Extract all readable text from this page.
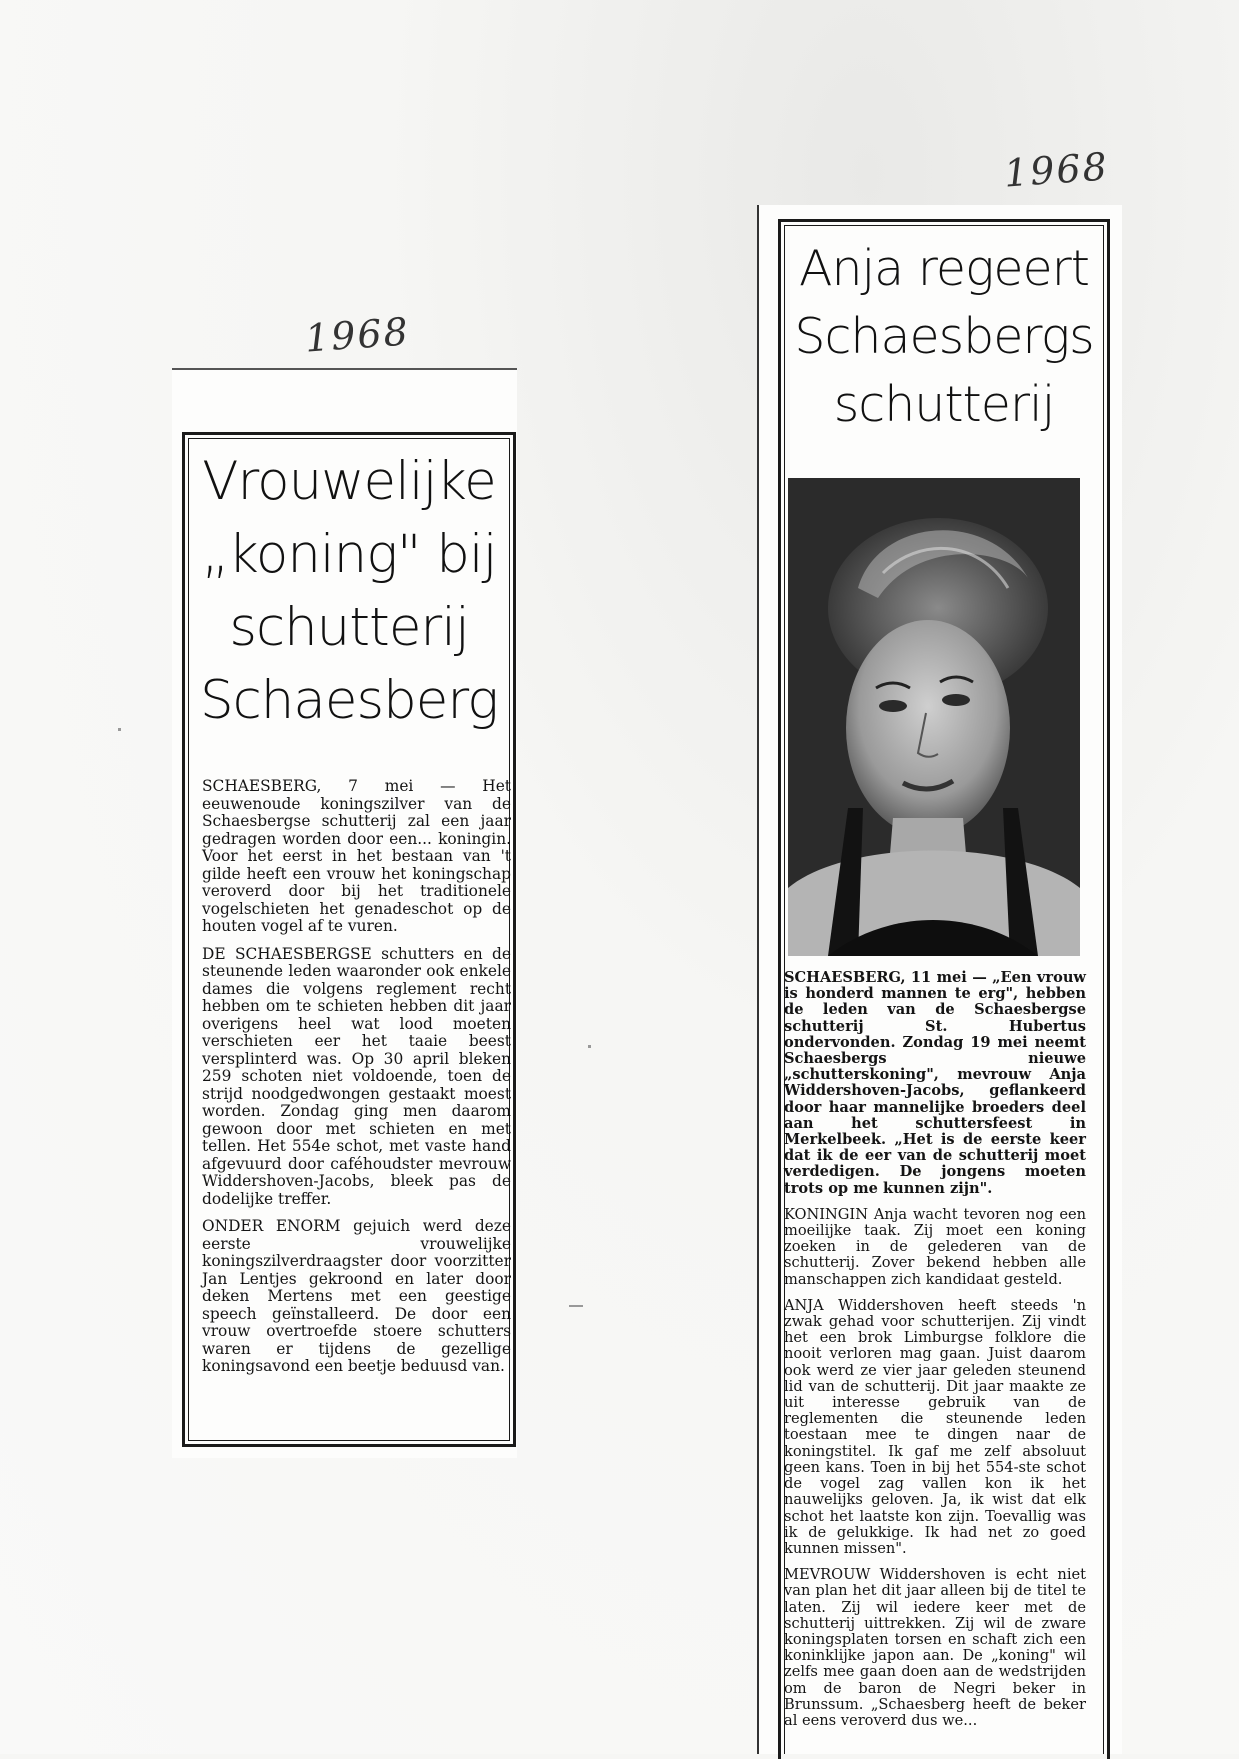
1968
1968
Vrouwelijke
„koning" bij
schutterij
Schaesberg

SCHAESBERG, 7 mei — Het eeuwenoude koningszilver van de Schaesbergse schutterij zal een jaar gedragen worden door een... koningin. Voor het eerst in het bestaan van 't gilde heeft een vrouw het koningschap veroverd door bij het traditionele vogelschieten het genadeschot op de houten vogel af te vuren.

DE SCHAESBERGSE schutters en de steunende leden waaronder ook enkele dames die volgens reglement recht hebben om te schieten hebben dit jaar overigens heel wat lood moeten verschieten eer het taaie beest versplinterd was. Op 30 april bleken 259 schoten niet voldoende, toen de strijd noodgedwongen gestaakt moest worden. Zondag ging men daarom gewoon door met schieten en met tellen. Het 554e schot, met vaste hand afgevuurd door caféhoudster mevrouw Widdershoven-Jacobs, bleek pas de dodelijke treffer.

ONDER ENORM gejuich werd deze eerste vrouwelijke koningszilverdraagster door voorzitter Jan Lentjes gekroond en later door deken Mertens met een geestige speech geïnstalleerd. De door een vrouw overtroefde stoere schutters waren er tijdens de gezellige koningsavond een beetje beduusd van.

Anja regeert
Schaesbergs
schutterij

SCHAESBERG, 11 mei — „Een vrouw is honderd mannen te erg", hebben de leden van de Schaesbergse schutterij St. Hubertus ondervonden. Zondag 19 mei neemt Schaesbergs nieuwe „schutterskoning", mevrouw Anja Widdershoven-Jacobs, geflankeerd door haar mannelijke broeders deel aan het schuttersfeest in Merkelbeek. „Het is de eerste keer dat ik de eer van de schutterij moet verdedigen. De jongens moeten trots op me kunnen zijn".

KONINGIN Anja wacht tevoren nog een moeilijke taak. Zij moet een koning zoeken in de gelederen van de schutterij. Zover bekend hebben alle manschappen zich kandidaat gesteld.

ANJA Widdershoven heeft steeds 'n zwak gehad voor schutterijen. Zij vindt het een brok Limburgse folklore die nooit verloren mag gaan. Juist daarom ook werd ze vier jaar geleden steunend lid van de schutterij. Dit jaar maakte ze uit interesse gebruik van de reglementen die steunende leden toestaan mee te dingen naar de koningstitel. Ik gaf me zelf absoluut geen kans. Toen in bij het 554-ste schot de vogel zag vallen kon ik het nauwelijks geloven. Ja, ik wist dat elk schot het laatste kon zijn. Toevallig was ik de gelukkige. Ik had net zo goed kunnen missen".

MEVROUW Widdershoven is echt niet van plan het dit jaar alleen bij de titel te laten. Zij wil iedere keer met de schutterij uittrekken. Zij wil de zware koningsplaten torsen en schaft zich een koninklijke japon aan. De „koning" wil zelfs mee gaan doen aan de wedstrijden om de baron de Negri beker in Brunssum. „Schaesberg heeft de beker al eens veroverd dus we...
